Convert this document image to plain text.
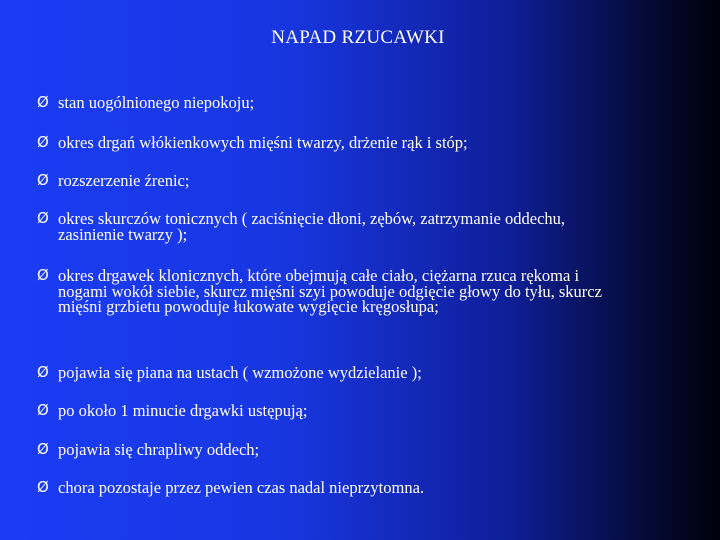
NAPAD RZUCAWKI
Ø stan uogólnionego niepokoju;
Ø okres drgań włókienkowych mięśni twarzy, drżenie rąk i stóp;
Ø rozszerzenie źrenic;
Ø okres skurczów tonicznych ( zaciśnięcie dłoni, zębów, zatrzymanie oddechu, zasinienie twarzy );
Ø okres drgawek klonicznych, które obejmują całe ciało, ciężarna rzuca rękoma i nogami wokół siebie, skurcz mięśni szyi powoduje odgięcie głowy do tyłu, skurcz mięśni grzbietu powoduje łukowate wygięcie kręgosłupa;
Ø pojawia się piana na ustach ( wzmożone wydzielanie );
Ø po około 1 minucie drgawki ustępują;
Ø pojawia się chrapliwy oddech;
Ø chora pozostaje przez pewien czas nadal nieprzytomna.
